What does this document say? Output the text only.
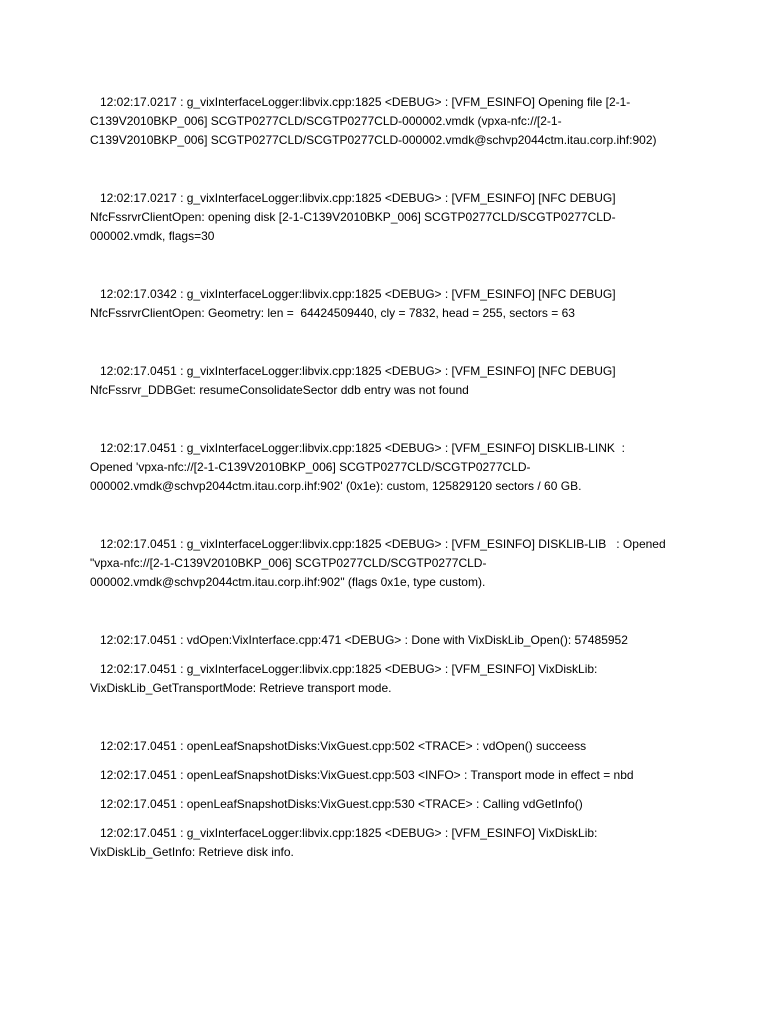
12:02:17.0217 : g_vixInterfaceLogger:libvix.cpp:1825 <DEBUG> : [VFM_ESINFO] Opening file [2-1-
C139V2010BKP_006] SCGTP0277CLD/SCGTP0277CLD-000002.vmdk (vpxa-nfc://[2-1-
C139V2010BKP_006] SCGTP0277CLD/SCGTP0277CLD-000002.vmdk@schvp2044ctm.itau.corp.ihf:902)
12:02:17.0217 : g_vixInterfaceLogger:libvix.cpp:1825 <DEBUG> : [VFM_ESINFO] [NFC DEBUG]
NfcFssrvrClientOpen: opening disk [2-1-C139V2010BKP_006] SCGTP0277CLD/SCGTP0277CLD-
000002.vmdk, flags=30
12:02:17.0342 : g_vixInterfaceLogger:libvix.cpp:1825 <DEBUG> : [VFM_ESINFO] [NFC DEBUG]
NfcFssrvrClientOpen: Geometry: len =  64424509440, cly = 7832, head = 255, sectors = 63
12:02:17.0451 : g_vixInterfaceLogger:libvix.cpp:1825 <DEBUG> : [VFM_ESINFO] [NFC DEBUG]
NfcFssrvr_DDBGet: resumeConsolidateSector ddb entry was not found
12:02:17.0451 : g_vixInterfaceLogger:libvix.cpp:1825 <DEBUG> : [VFM_ESINFO] DISKLIB-LINK  :
Opened 'vpxa-nfc://[2-1-C139V2010BKP_006] SCGTP0277CLD/SCGTP0277CLD-
000002.vmdk@schvp2044ctm.itau.corp.ihf:902' (0x1e): custom, 125829120 sectors / 60 GB.
12:02:17.0451 : g_vixInterfaceLogger:libvix.cpp:1825 <DEBUG> : [VFM_ESINFO] DISKLIB-LIB   : Opened
"vpxa-nfc://[2-1-C139V2010BKP_006] SCGTP0277CLD/SCGTP0277CLD-
000002.vmdk@schvp2044ctm.itau.corp.ihf:902" (flags 0x1e, type custom).
12:02:17.0451 : vdOpen:VixInterface.cpp:471 <DEBUG> : Done with VixDiskLib_Open(): 57485952
12:02:17.0451 : g_vixInterfaceLogger:libvix.cpp:1825 <DEBUG> : [VFM_ESINFO] VixDiskLib:
VixDiskLib_GetTransportMode: Retrieve transport mode.
12:02:17.0451 : openLeafSnapshotDisks:VixGuest.cpp:502 <TRACE> : vdOpen() succeess
12:02:17.0451 : openLeafSnapshotDisks:VixGuest.cpp:503 <INFO> : Transport mode in effect = nbd
12:02:17.0451 : openLeafSnapshotDisks:VixGuest.cpp:530 <TRACE> : Calling vdGetInfo()
12:02:17.0451 : g_vixInterfaceLogger:libvix.cpp:1825 <DEBUG> : [VFM_ESINFO] VixDiskLib:
VixDiskLib_GetInfo: Retrieve disk info.
